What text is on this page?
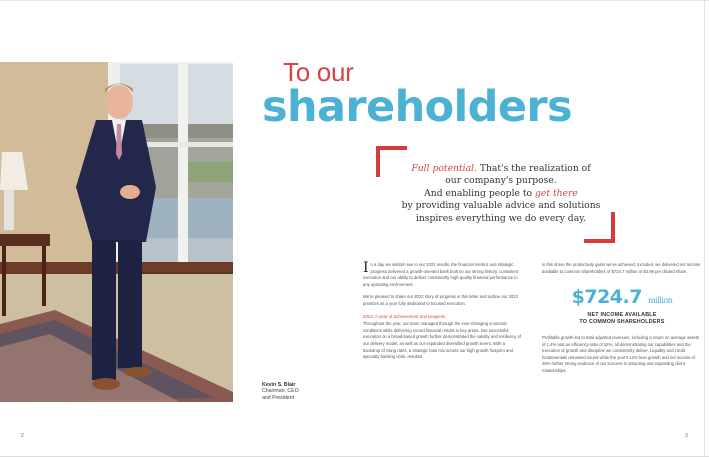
Kevin S. Blair
Chairman, CEO
and President
To our
shareholders
Full potential. That's the realization of
our company's purpose.
And enabling people to get there
by providing valuable advice and solutions
inspires everything we do every day.

In a day we seldom see in our 2022 results, the financial metrics and strategic progress delivered a growth-oriented bank built on our strong history, consistent execution and our ability to deliver consistently high-quality financial performance in any operating environment.

We're pleased to share our 2022 story of progress in this letter and outline our 2023 priorities as a year fully dedicated to focused execution.

2022: A year of achievement and progress

Throughout the year, our team managed through the ever-changing economic conditions while delivering record financial results in key areas. Our successful execution on a broad-based growth further demonstrated the validity and resiliency of our delivery model, as well as our expanded diversified growth levers. With a backdrop of rising rates, a strategic loan mix across our high growth footprint and specialty banking units, resulted

in this drove the productivity gains we've achieved. Included, we delivered net income available to common shareholders of $724.7 million or $4.96 per diluted share.

$724.7 million
NET INCOME AVAILABLE
TO COMMON SHAREHOLDERS

Profitable growth led to total adjusted revenues, including a return on average assets of 1.4% and an efficiency ratio of 52%, all demonstrating our capabilities and the execution of growth and discipline we consistently deliver. Liquidity and credit fundamentals remained sound while the year's 12% loan growth and net income of 26% further strong evidence of our success in attracting and expanding client relationships.

2	3
